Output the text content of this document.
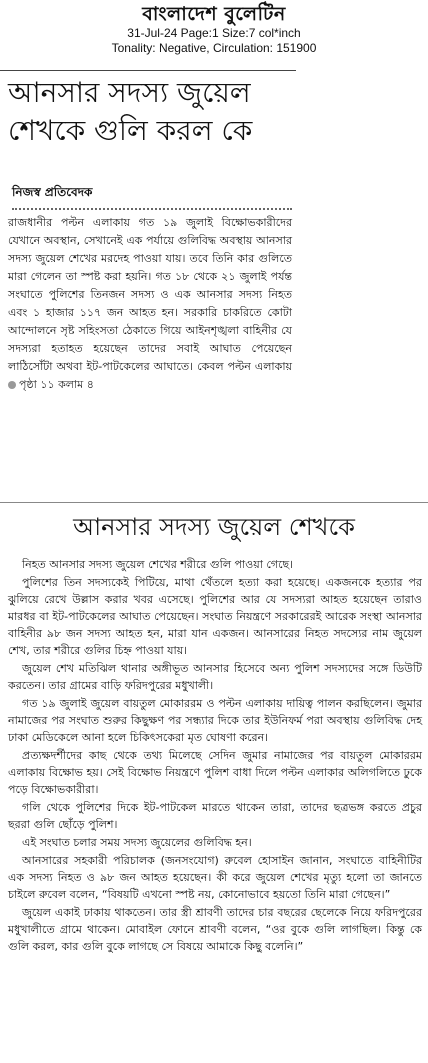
বাংলাদেশ বুলেটিন
31-Jul-24 Page:1 Size:7 col*inch
Tonality: Negative, Circulation: 151900
আনসার সদস্য জুয়েল শেখকে গুলি করল কে
নিজস্ব প্রতিবেদক

রাজধানীর পল্টন এলাকায় গত ১৯ জুলাই বিক্ষোভকারীদের যেখানে অবস্থান, সেখানেই এক পর্যায়ে গুলিবিদ্ধ অবস্থায় আনসার সদস্য জুয়েল শেখের মরদেহ পাওয়া যায়। তবে তিনি কার গুলিতে মারা গেলেন তা স্পষ্ট করা হয়নি। গত ১৮ থেকে ২১ জুলাই পর্যন্ত সংঘাতে পুলিশের তিনজন সদস্য ও এক আনসার সদস্য নিহত এবং ১ হাজার ১১৭ জন আহত হন। সরকারি চাকরিতে কোটা আন্দোলনে সৃষ্ট সহিংসতা ঠেকাতে গিয়ে আইনশৃঙ্খলা বাহিনীর যে সদস্যরা হতাহত হয়েছেন তাদের সবাই আঘাত পেয়েছেন লাঠিসোঁটা অথবা ইট-পাটকেলের আঘাতে। কেবল পল্টন এলাকায় পৃষ্ঠা ১১ কলাম ৪

আনসার সদস্য জুয়েল শেখকে

নিহত আনসার সদস্য জুয়েল শেখের শরীরে গুলি পাওয়া গেছে।

পুলিশের তিন সদস্যকেই পিটিয়ে, মাথা থেঁতলে হত্যা করা হয়েছে। একজনকে হত্যার পর ঝুলিয়ে রেখে উল্লাস করার খবর এসেছে। পুলিশের আর যে সদস্যরা আহত হয়েছেন তারাও মারধর বা ইট-পাটকেলের আঘাত পেয়েছেন। সংঘাত নিয়ন্ত্রণে সরকারেরই আরেক সংস্থা আনসার বাহিনীর ৯৮ জন সদস্য আহত হন, মারা যান একজন। আনসারের নিহত সদস্যের নাম জুয়েল শেখ, তার শরীরে গুলির চিহ্ন পাওয়া যায়।

জুয়েল শেখ মতিঝিল থানার অঙ্গীভূত আনসার হিসেবে অন্য পুলিশ সদস্যদের সঙ্গে ডিউটি করতেন। তার গ্রামের বাড়ি ফরিদপুরের মধুখালী।

গত ১৯ জুলাই জুয়েল বায়তুল মোকাররম ও পল্টন এলাকায় দায়িত্ব পালন করছিলেন। জুমার নামাজের পর সংঘাত শুরুর কিছুক্ষণ পর সন্ধ্যার দিকে তার ইউনিফর্ম পরা অবস্থায় গুলিবিদ্ধ দেহ ঢাকা মেডিকেলে আনা হলে চিকিৎসকেরা মৃত ঘোষণা করেন।

প্রত্যক্ষদর্শীদের কাছ থেকে তথ্য মিলেছে সেদিন জুমার নামাজের পর বায়তুল মোকাররম এলাকায় বিক্ষোভ হয়। সেই বিক্ষোভ নিয়ন্ত্রণে পুলিশ বাধা দিলে পল্টন এলাকার অলিগলিতে ঢুকে পড়ে বিক্ষোভকারীরা।

গলি থেকে পুলিশের দিকে ইট-পাটকেল মারতে থাকেন তারা, তাদের ছত্রভঙ্গ করতে প্রচুর ছররা গুলি ছোঁড়ে পুলিশ।

এই সংঘাত চলার সময় সদস্য জুয়েলের গুলিবিদ্ধ হন।

আনসারের সহকারী পরিচালক (জনসংযোগ) রুবেল হোসাইন জানান, সংঘাতে বাহিনীটির এক সদস্য নিহত ও ৯৮ জন আহত হয়েছেন। কী করে জুয়েল শেখের মৃত্যু হলো তা জানতে চাইলে রুবেল বলেন, “বিষয়টি এখনো স্পষ্ট নয়, কোনোভাবে হয়তো তিনি মারা গেছেন।”

জুয়েল একাই ঢাকায় থাকতেন। তার স্ত্রী শ্রাবণী তাদের চার বছরের ছেলেকে নিয়ে ফরিদপুরের মধুখালীতে গ্রামে থাকেন। মোবাইল ফোনে শ্রাবণী বলেন, “ওর বুকে গুলি লাগছিল। কিন্তু কে গুলি করল, কার গুলি বুকে লাগছে সে বিষয়ে আমাকে কিছু বলেনি।”
